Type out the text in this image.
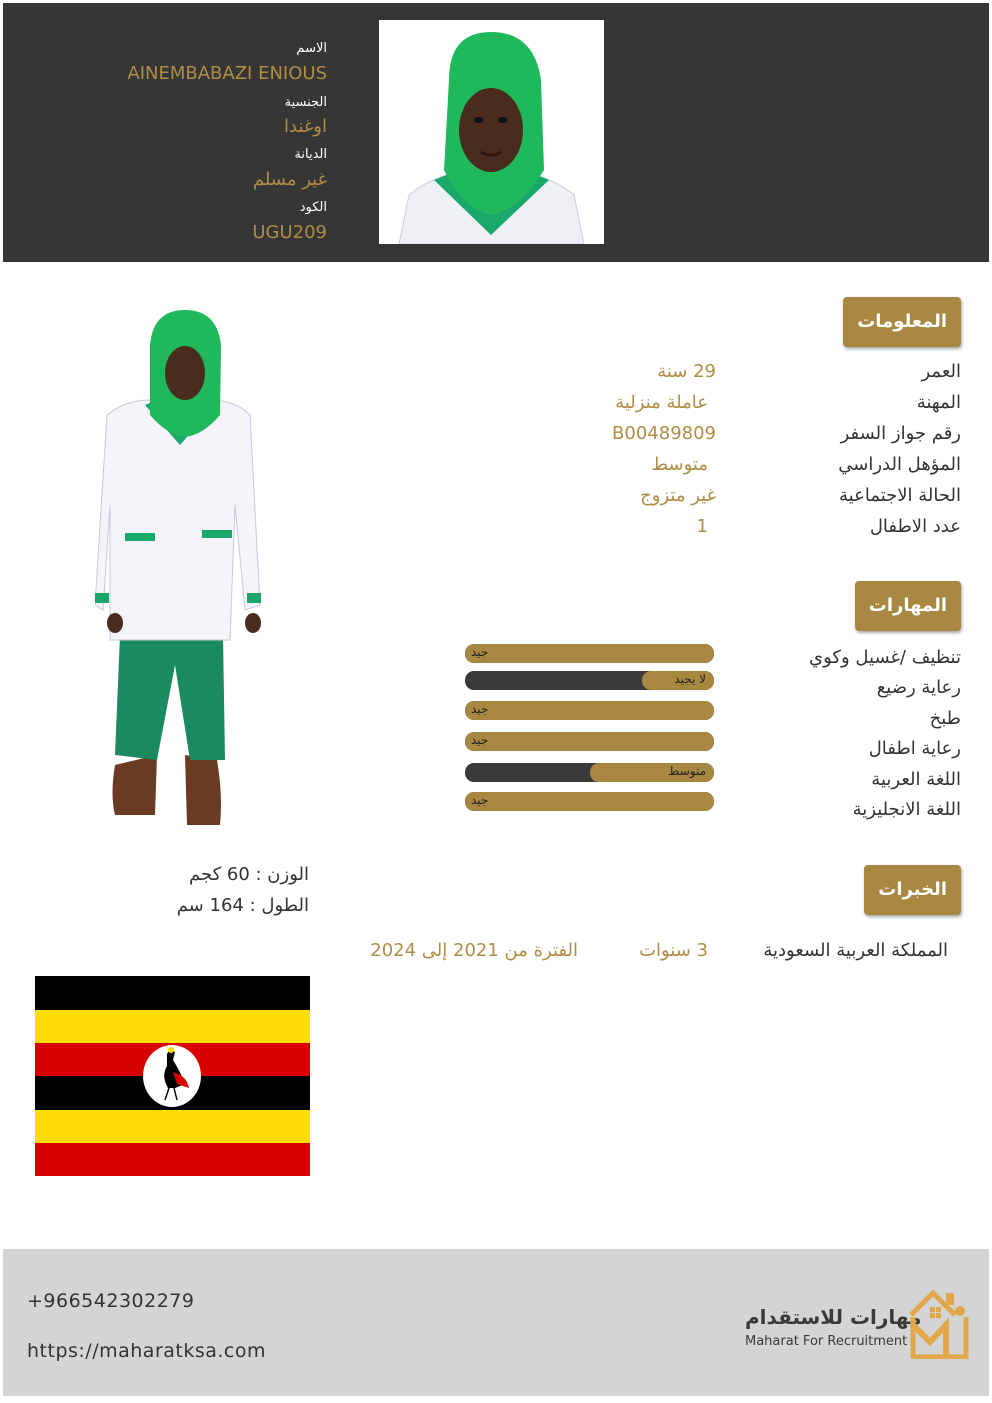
الاسم
AINEMBABAZI ENIOUS
الجنسية
اوغندا
الديانة
غير مسلم
الكود
UGU209
المعلومات
العمر
29 سنة
المهنة
عاملة منزلية
رقم جواز السفر
B00489809
المؤهل الدراسي
متوسط
الحالة الاجتماعية
غير متزوج
عدد الاطفال
1
المهارات
تنظيف /غسيل وكوي
رعاية رضيع
طبخ
رعاية اطفال
اللغة العربية
اللغة الانجليزية
جيد
لا يجيد
جيد
جيد
متوسط
جيد
الوزن : 60 كجم
الطول : 164 سم
الخبرات
المملكة العربية السعودية
3 سنوات
الفترة من 2021 إلى 2024
+966542302279
https://maharatksa.com
مهارات للاستقدام
Maharat For Recruitment
